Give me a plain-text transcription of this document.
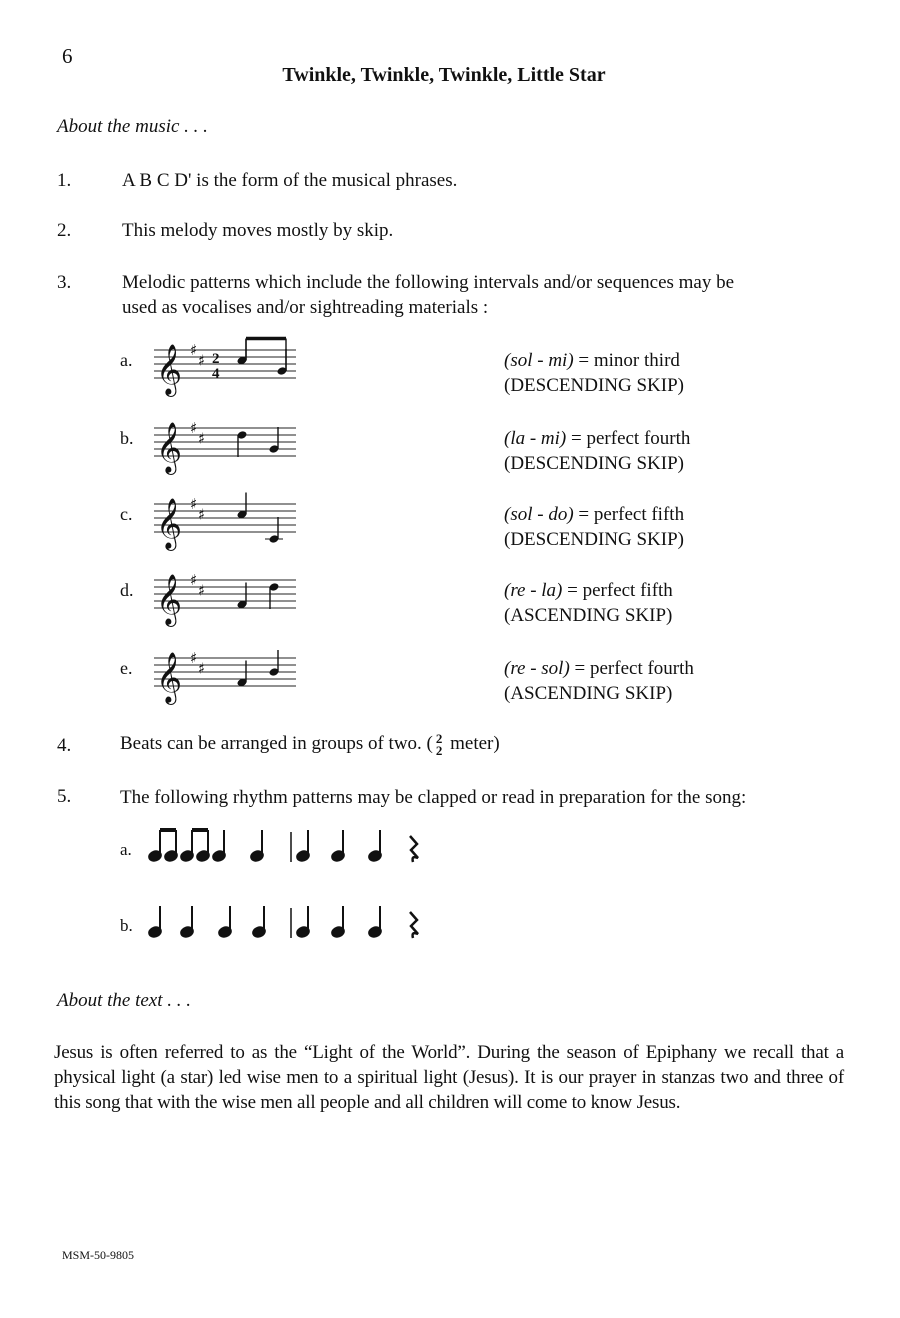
6
Twinkle, Twinkle, Twinkle, Little Star
About the music . . .
1.	A B C D' is the form of the musical phrases.
2.	This melody moves mostly by skip.
3.	Melodic patterns which include the following intervals and/or sequences may be
used as vocalises and/or sightreading materials :
a. 𝄞 ♯
♯ 2
4
(sol - mi) = minor third
(DESCENDING SKIP)
b. 𝄞 ♯
♯	(la - mi) = perfect fourth
(DESCENDING SKIP)
c. 𝄞 ♯
♯	(sol - do) = perfect fifth
(DESCENDING SKIP)
d. 𝄞 ♯
♯	(re - la) = perfect fifth
(ASCENDING SKIP)
e. 𝄞 ♯
♯	(re - sol) = perfect fourth
(ASCENDING SKIP)
4.	Beats can be arranged in groups of two. ( 2
2 meter)
5.	The following rhythm patterns may be clapped or read in preparation for the song:
a.
b.
About the text . . .
Jesus is often referred to as the “Light of the World”. During the season of Epiphany we recall that a physical light (a star) led wise men to a spiritual light (Jesus). It is our prayer in stanzas two and three of this song that with the wise men all people and all children will come to know Jesus.
MSM-50-9805
